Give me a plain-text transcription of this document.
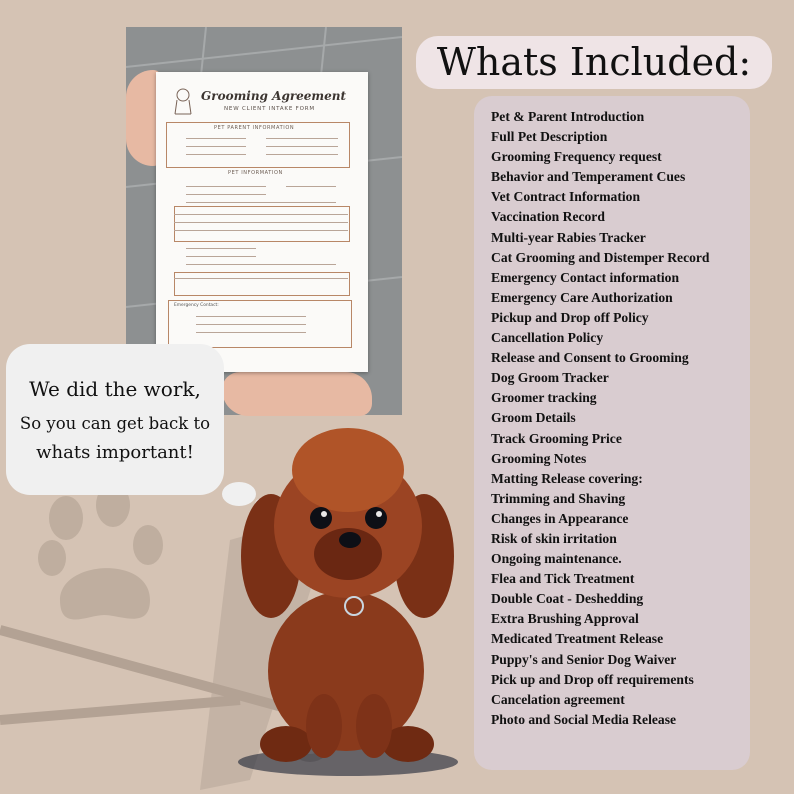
Grooming Agreement
NEW CLIENT INTAKE FORM
PET PARENT INFORMATION
PET INFORMATION
Emergency Contact:
Whats Included:
Pet & Parent Introduction
Full Pet Description
Grooming Frequency request
Behavior and Temperament Cues
Vet Contract Information
Vaccination Record
Multi-year Rabies Tracker
Cat Grooming and Distemper Record
Emergency Contact information
Emergency Care Authorization
Pickup and Drop off Policy
Cancellation Policy
Release and Consent to Grooming
Dog Groom Tracker
Groomer tracking
Groom Details
Track Grooming Price
Grooming Notes
Matting Release covering:
Trimming and Shaving
Changes in Appearance
Risk of skin irritation
Ongoing maintenance.
Flea and Tick Treatment
Double Coat - Deshedding
Extra Brushing Approval
Medicated Treatment Release
Puppy's and Senior Dog Waiver
Pick up and Drop off requirements
Cancelation agreement
Photo and Social Media Release
We did the work,
So you can get back to
whats important!
